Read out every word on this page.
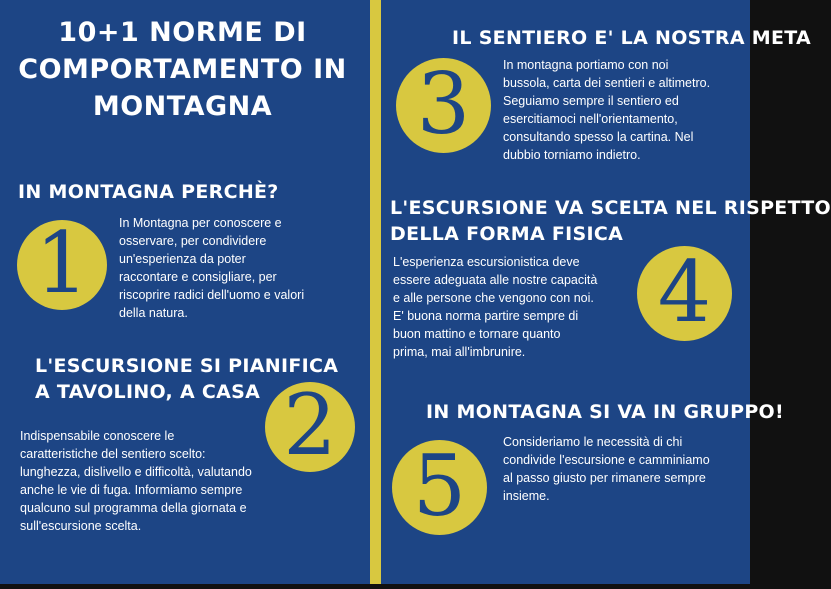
10+1 NORME DI
COMPORTAMENTO IN
MONTAGNA
IN MONTAGNA PERCHÈ?
1 In Montagna per conoscere e
osservare, per condividere
un'esperienza da poter
raccontare e consigliare, per
riscoprire radici dell'uomo e valori
della natura.

L'ESCURSIONE SI PIANIFICA
A TAVOLINO, A CASA 2

Indispensabile conoscere le
caratteristiche del sentiero scelto:
lunghezza, dislivello e difficoltà, valutando
anche le vie di fuga. Informiamo sempre
qualcuno sul programma della giornata e
sull'escursione scelta.

IL SENTIERO E' LA NOSTRA META
3	In montagna portiamo con noi
bussola, carta dei sentieri e altimetro.
Seguiamo sempre il sentiero ed
esercitiamoci nell'orientamento,
consultando spesso la cartina. Nel
dubbio torniamo indietro.

L'ESCURSIONE VA SCELTA NEL RISPETTO
DELLA FORMA FISICA
4

L'esperienza escursionistica deve
essere adeguata alle nostre capacità
e alle persone che vengono con noi.
E' buona norma partire sempre di
buon mattino e tornare quanto
prima, mai all'imbrunire.

IN MONTAGNA SI VA IN GRUPPO!
5	Consideriamo le necessità di chi
condivide l'escursione e camminiamo
al passo giusto per rimanere sempre
insieme.
